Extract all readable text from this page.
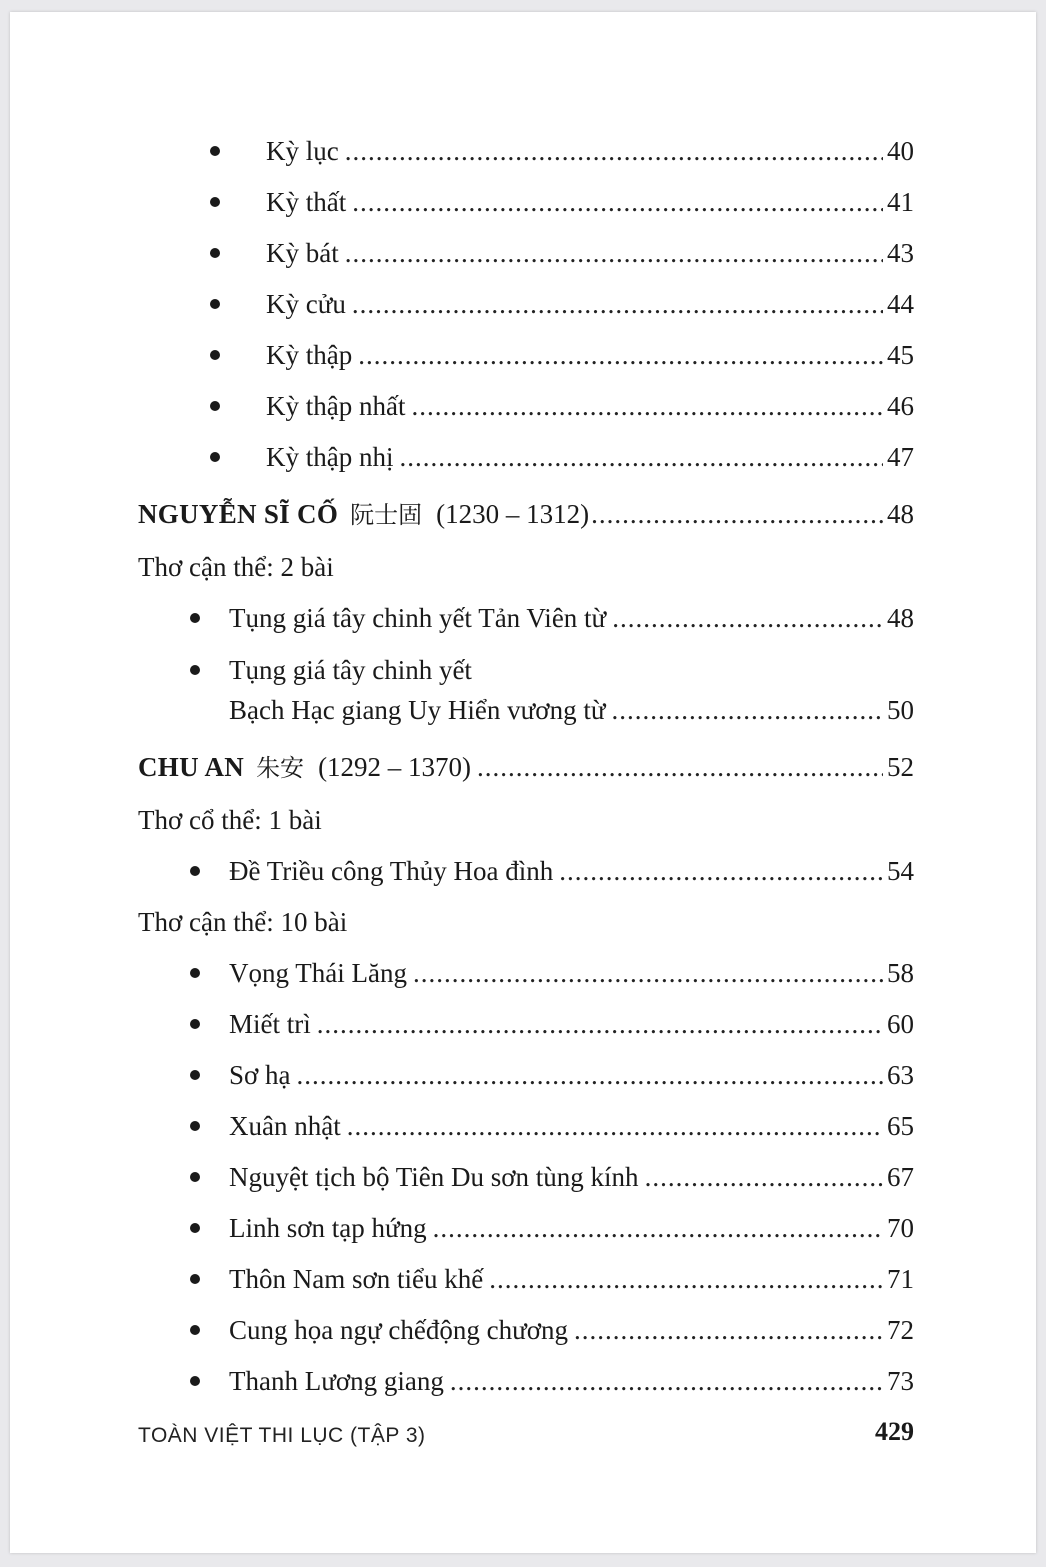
Kỳ lục .....	40
Kỳ thất .....	41
Kỳ bát .....	43
Kỳ cửu .....	44
Kỳ thập .....	45
Kỳ thập nhất .....	46
Kỳ thập nhị .....	47
NGUYỄN SĨ CỐ 阮士固 (1230 – 1312) .....	48
Thơ cận thể: 2 bài
Tụng giá tây chinh yết Tản Viên từ .....	48
Tụng giá tây chinh yết
Bạch Hạc giang Uy Hiển vương từ .....	50
CHU AN 朱安 (1292 – 1370) .....	52
Thơ cổ thể: 1 bài
Đề Triều công Thủy Hoa đình .....	54
Thơ cận thể: 10 bài
Vọng Thái Lăng .....	58
Miết trì .....	60
Sơ hạ .....	63
Xuân nhật .....	65
Nguyệt tịch bộ Tiên Du sơn tùng kính .....	67
Linh sơn tạp hứng .....	70
Thôn Nam sơn tiểu khế .....	71
Cung họa ngự chếđộng chương .....	72
Thanh Lương giang .....	73
TOÀN VIỆT THI LỤC (TẬP 3)	429
